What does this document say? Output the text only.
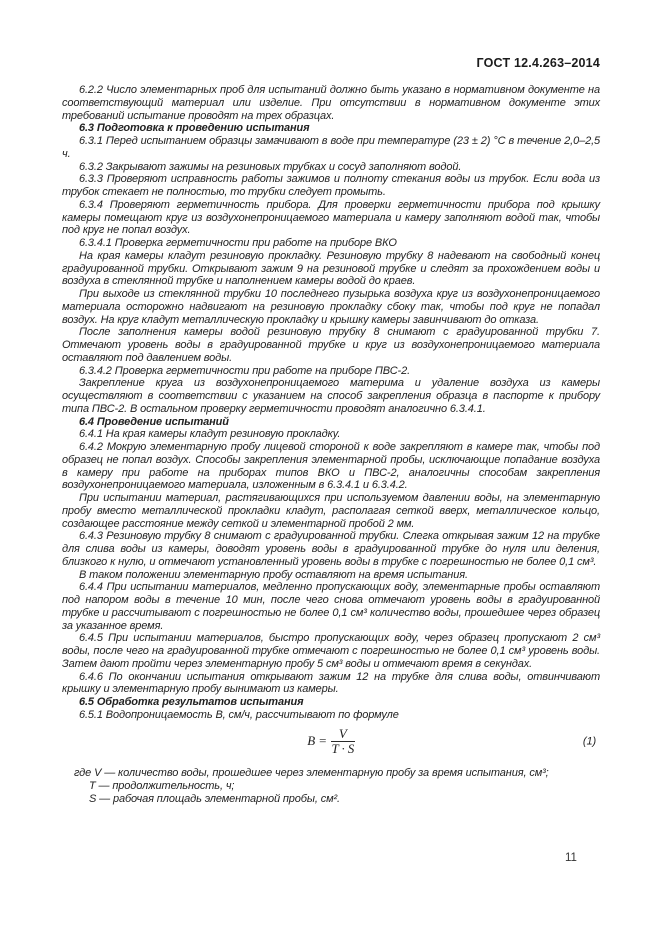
ГОСТ 12.4.263–2014

6.2.2 Число элементарных проб для испытаний должно быть указано в нормативном документе на соответствующий материал или изделие. При отсутствии в нормативном документе этих требований испытание проводят на трех образцах.

6.3 Подготовка к проведению испытания

6.3.1 Перед испытанием образцы замачивают в воде при температуре (23 ± 2) °С в течение 2,0–2,5 ч.

6.3.2 Закрывают зажимы на резиновых трубках и сосуд заполняют водой.

6.3.3 Проверяют исправность работы зажимов и полноту стекания воды из трубок. Если вода из трубок стекает не полностью, то трубки следует промыть.

6.3.4 Проверяют герметичность прибора. Для проверки герметичности прибора под крышку камеры помещают круг из воздухонепроницаемого материала и камеру заполняют водой так, чтобы под круг не попал воздух.

6.3.4.1 Проверка герметичности при работе на приборе ВКО

На края камеры кладут резиновую прокладку. Резиновую трубку 8 надевают на свободный конец градуированной трубки. Открывают зажим 9 на резиновой трубке и следят за прохождением воды и воздуха в стеклянной трубке и наполнением камеры водой до краев.

При выходе из стеклянной трубки 10 последнего пузырька воздуха круг из воздухонепроницаемого материала осторожно надвигают на резиновую прокладку сбоку так, чтобы под круг не попадал воздух. На круг кладут металлическую прокладку и крышку камеры завинчивают до отказа.

После заполнения камеры водой резиновую трубку 8 снимают с градуированной трубки 7. Отмечают уровень воды в градуированной трубке и круг из воздухонепроницаемого материала оставляют под давлением воды.

6.3.4.2 Проверка герметичности при работе на приборе ПВС-2.

Закрепление круга из воздухонепроницаемого материма и удаление воздуха из камеры осуществляют в соответствии с указанием на способ закрепления образца в паспорте к прибору типа ПВС-2. В остальном проверку герметичности проводят аналогично 6.3.4.1.

6.4 Проведение испытаний

6.4.1 На края камеры кладут резиновую прокладку.

6.4.2 Мокрую элементарную пробу лицевой стороной к воде закрепляют в камере так, чтобы под образец не попал воздух. Способы закрепления элементарной пробы, исключающие попадание воздуха в камеру при работе на приборах типов ВКО и ПВС-2, аналогичны способам закрепления воздухонепроницаемого материала, изложенным в 6.3.4.1 и 6.3.4.2.

При испытании материал, растягивающихся при используемом давлении воды, на элементарную пробу вместо металлической прокладки кладут, располагая сеткой вверх, металлическое кольцо, создающее расстояние между сеткой и элементарной пробой 2 мм.

6.4.3 Резиновую трубку 8 снимают с градуированной трубки. Слегка открывая зажим 12 на трубке для слива воды из камеры, доводят уровень воды в градуированной трубке до нуля или деления, близкого к нулю, и отмечают установленный уровень воды в трубке с погрешностью не более 0,1 см³.

В таком положении элементарную пробу оставляют на время испытания.

6.4.4 При испытании материалов, медленно пропускающих воду, элементарные пробы оставляют под напором воды в течение 10 мин, после чего снова отмечают уровень воды в градуированной трубке и рассчитывают с погрешностью не более 0,1 см³ количество воды, прошедшее через образец за указанное время.

6.4.5 При испытании материалов, быстро пропускающих воду, через образец пропускают 2 см³ воды, после чего на градуированной трубке отмечают с погрешностью не более 0,1 см³ уровень воды. Затем дают пройти через элементарную пробу 5 см³ воды и отмечают время в секундах.

6.4.6 По окончании испытания открывают зажим 12 на трубке для слива воды, отвинчивают крышку и элементарную пробу вынимают из камеры.

6.5 Обработка результатов испытания

6.5.1 Водопроницаемость В, см/ч, рассчитывают по формуле

$B = \frac{V}{T \cdot S}$	(1)

где V — количество воды, прошедшее через элементарную пробу за время испытания, см³;

Т — продолжительность, ч;

S — рабочая площадь элементарной пробы, см².

11
